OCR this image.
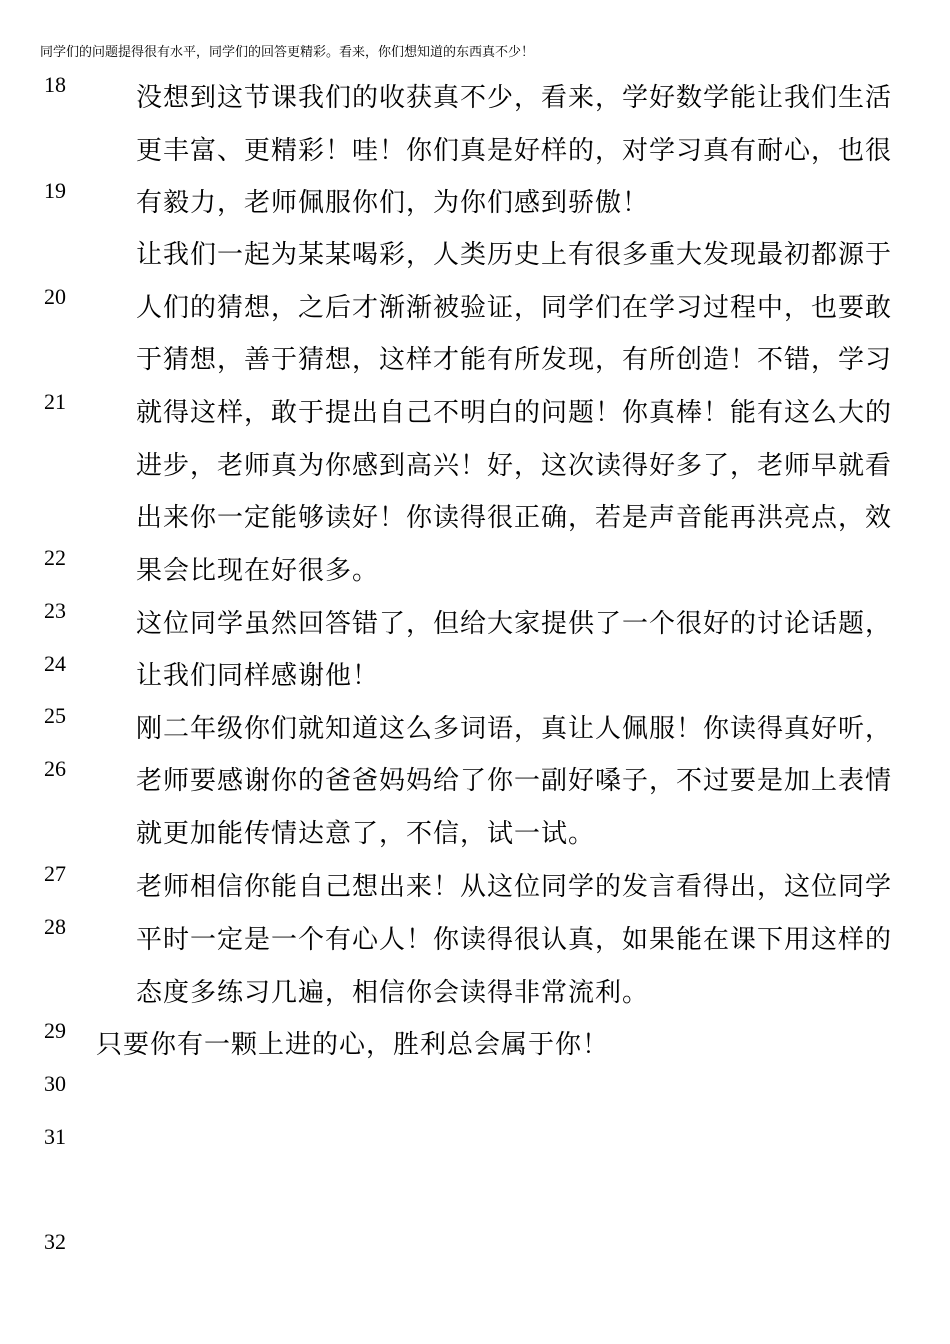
同学们的问题提得很有水平，同学们的回答更精彩。看来，你们想知道的东西真不少！
18
19
20
21
22
23
24
25
26
27
28
29
30
31
32
没想到这节课我们的收获真不少，看来，学好数学能让我们生活
更丰富、更精彩！哇！你们真是好样的，对学习真有耐心，也很
有毅力，老师佩服你们，为你们感到骄傲！
让我们一起为某某喝彩，人类历史上有很多重大发现最初都源于
人们的猜想，之后才渐渐被验证，同学们在学习过程中，也要敢
于猜想，善于猜想，这样才能有所发现，有所创造！不错，学习
就得这样，敢于提出自己不明白的问题！你真棒！能有这么大的
进步，老师真为你感到高兴！好，这次读得好多了，老师早就看
出来你一定能够读好！你读得很正确，若是声音能再洪亮点，效
果会比现在好很多。
这位同学虽然回答错了，但给大家提供了一个很好的讨论话题，
让我们同样感谢他！
刚二年级你们就知道这么多词语，真让人佩服！你读得真好听，
老师要感谢你的爸爸妈妈给了你一副好嗓子，不过要是加上表情
就更加能传情达意了，不信，试一试。
老师相信你能自己想出来！从这位同学的发言看得出，这位同学
平时一定是一个有心人！你读得很认真，如果能在课下用这样的
态度多练习几遍，相信你会读得非常流利。
只要你有一颗上进的心，胜利总会属于你！
